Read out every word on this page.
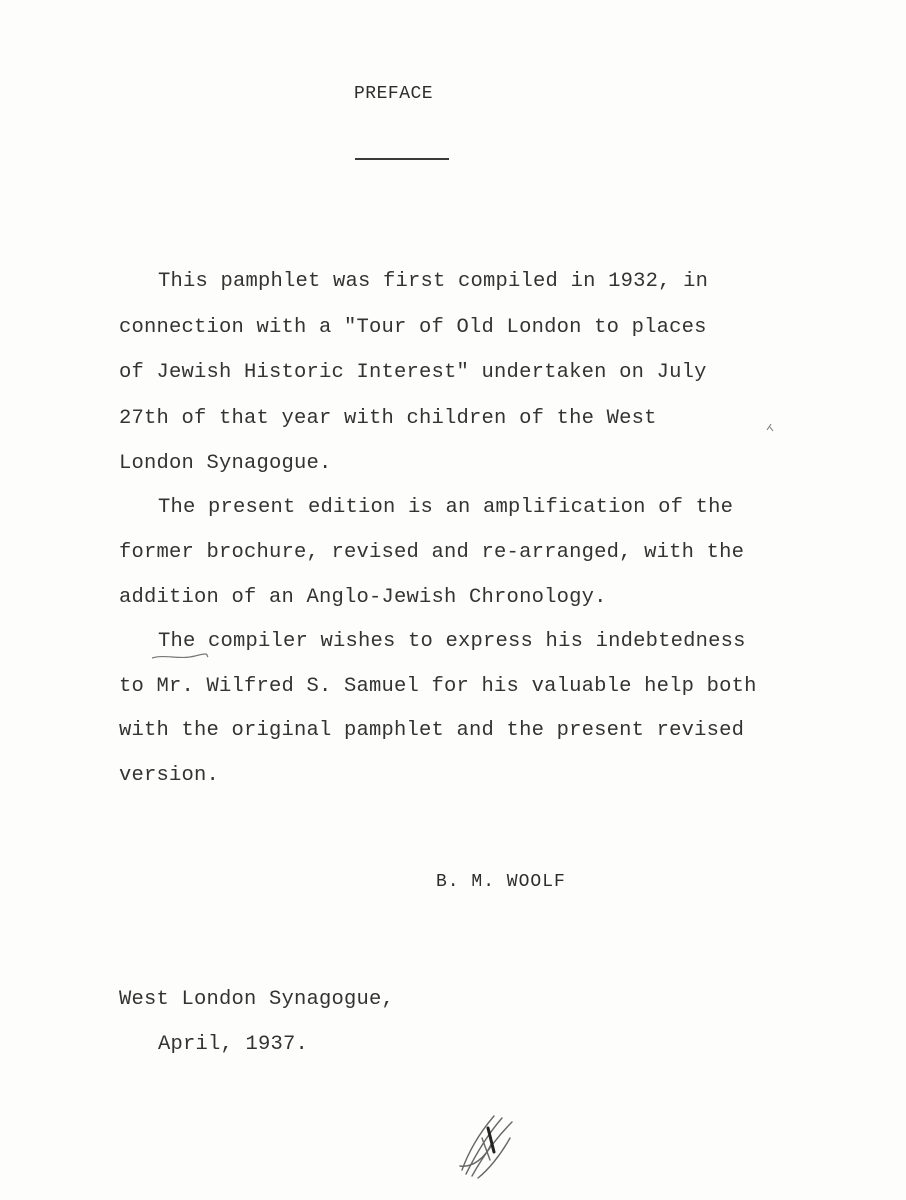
PREFACE
This pamphlet was first compiled in 1932, in
connection with a "Tour of Old London to places
of Jewish Historic Interest" undertaken on July
27th of that year with children of the West
London Synagogue.
The present edition is an amplification of the
former brochure, revised and re-arranged, with the
addition of an Anglo-Jewish Chronology.
The compiler wishes to express his indebtedness
to Mr. Wilfred S. Samuel for his valuable help both
with the original pamphlet and the present revised
version.
B. M. WOOLF
West London Synagogue,
April, 1937.
